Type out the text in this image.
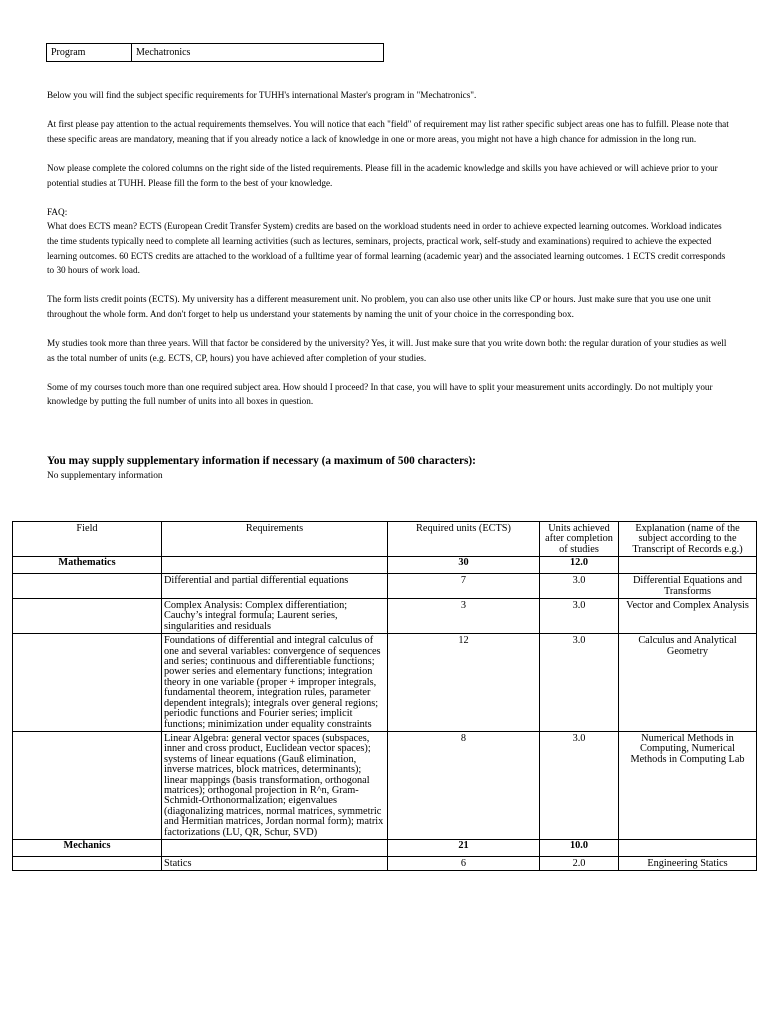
Program	Mechatronics

Below you will find the subject specific requirements for TUHH's international Master's program in "Mechatronics".

At first please pay attention to the actual requirements themselves. You will notice that each "field" of requirement may list rather specific subject areas one has to fulfill. Please note that these specific areas are mandatory, meaning that if you already notice a lack of knowledge in one or more areas, you might not have a high chance for admission in the long run.

Now please complete the colored columns on the right side of the listed requirements. Please fill in the academic knowledge and skills you have achieved or will achieve prior to your potential studies at TUHH. Please fill the form to the best of your knowledge.

FAQ:

What does ECTS mean? ECTS (European Credit Transfer System) credits are based on the workload students need in order to achieve expected learning outcomes. Workload indicates the time students typically need to complete all learning activities (such as lectures, seminars, projects, practical work, self-study and examinations) required to achieve the expected learning outcomes. 60 ECTS credits are attached to the workload of a fulltime year of formal learning (academic year) and the associated learning outcomes. 1 ECTS credit corresponds to 30 hours of work load.

The form lists credit points (ECTS). My university has a different measurement unit. No problem, you can also use other units like CP or hours. Just make sure that you use one unit throughout the whole form. And don't forget to help us understand your statements by naming the unit of your choice in the corresponding box.

My studies took more than three years. Will that factor be considered by the university? Yes, it will. Just make sure that you write down both: the regular duration of your studies as well as the total number of units (e.g. ECTS, CP, hours) you have achieved after completion of your studies.

Some of my courses touch more than one required subject area. How should I proceed? In that case, you will have to split your measurement units accordingly. Do not multiply your knowledge by putting the full number of units into all boxes in question.

You may supply supplementary information if necessary (a maximum of 500 characters):

No supplementary information

Field	Requirements	Required units (ECTS)	Units achieved after completion of studies	Explanation (name of the subject according to the Transcript of Records e.g.)
Mathematics		30	12.0	
	Differential and partial differential equations	7	3.0	Differential Equations and Transforms
	Complex Analysis: Complex differentiation; Cauchy’s integral formula; Laurent series, singularities and residuals	3	3.0	Vector and Complex Analysis
	Foundations of differential and integral calculus of one and several variables: convergence of sequences and series; continuous and differentiable functions; power series and elementary functions; integration theory in one variable (proper + improper integrals, fundamental theorem, integration rules, parameter dependent integrals); integrals over general regions; periodic functions and Fourier series; implicit functions; minimization under equality constraints	12	3.0	Calculus and Analytical Geometry
	Linear Algebra: general vector spaces (subspaces, inner and cross product, Euclidean vector spaces); systems of linear equations (Gauß elimination, inverse matrices, block matrices, determinants); linear mappings (basis transformation, orthogonal matrices); orthogonal projection in R^n, Gram-Schmidt-Orthonormalization; eigenvalues (diagonalizing matrices, normal matrices, symmetric and Hermitian matrices, Jordan normal form); matrix factorizations (LU, QR, Schur, SVD)	8	3.0	Numerical Methods in Computing, Numerical Methods in Computing Lab
Mechanics		21	10.0	
	Statics	6	2.0	Engineering Statics
